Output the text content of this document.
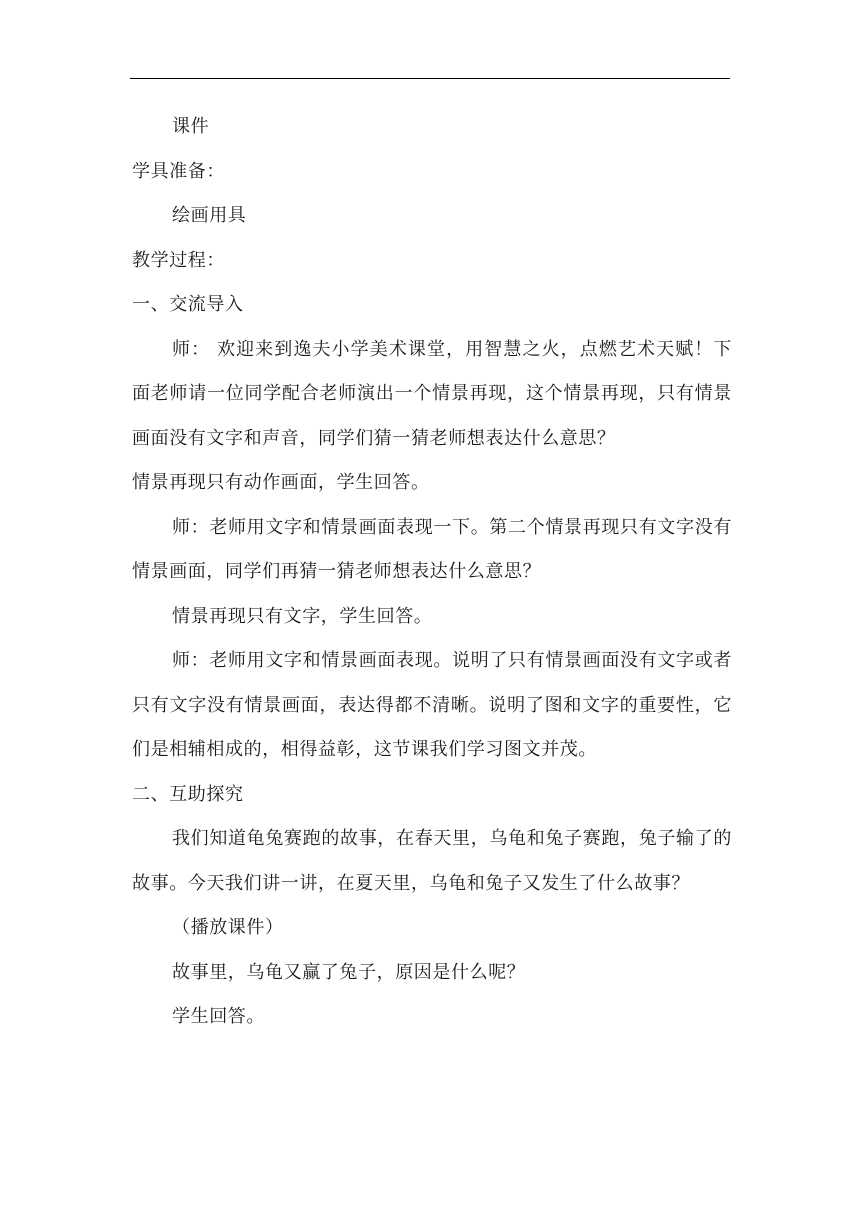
课件
学具准备：
绘画用具
教学过程：
一、交流导入

师： 欢迎来到逸夫小学美术课堂，用智慧之火，点燃艺术天赋！下面老师请一位同学配合老师演出一个情景再现，这个情景再现，只有情景画面没有文字和声音，同学们猜一猜老师想表达什么意思？

情景再现只有动作画面，学生回答。

师：老师用文字和情景画面表现一下。第二个情景再现只有文字没有情景画面，同学们再猜一猜老师想表达什么意思？

情景再现只有文字，学生回答。

师：老师用文字和情景画面表现。说明了只有情景画面没有文字或者只有文字没有情景画面，表达得都不清晰。说明了图和文字的重要性，它们是相辅相成的，相得益彰，这节课我们学习图文并茂。

二、互助探究

我们知道龟兔赛跑的故事，在春天里，乌龟和兔子赛跑，兔子输了的故事。今天我们讲一讲，在夏天里，乌龟和兔子又发生了什么故事？

（播放课件）
故事里，乌龟又赢了兔子，原因是什么呢？
学生回答。
